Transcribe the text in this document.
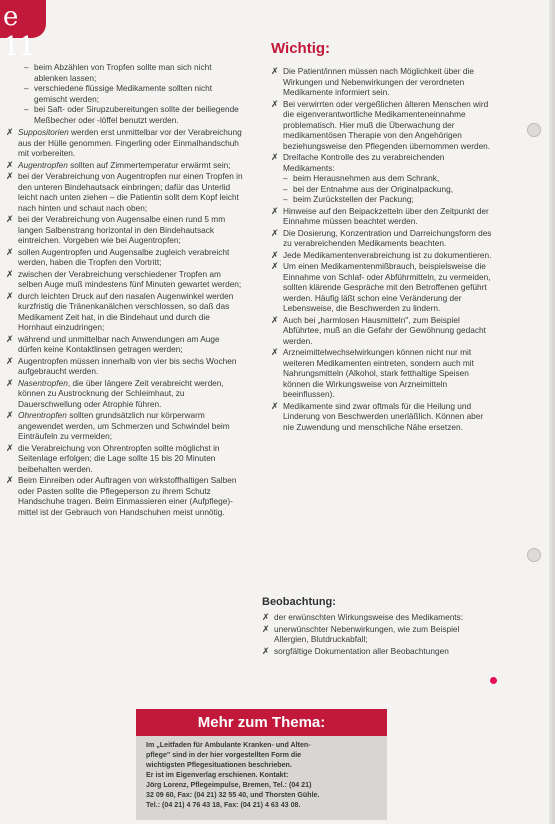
e 11
– beim Abzählen von Tropfen sollte man sich nicht ablenken lassen;
– verschiedene flüssige Medikamente sollten nicht gemischt werden;
– bei Saft- oder Sirupzubereitungen sollte der beiliegende Meßbecher oder -löffel benutzt werden.
✗ Suppositorien werden erst unmittelbar vor der Verabreichung aus der Hülle genommen. Fingerling oder Einmalhandschuh mit vorbereiten.
✗ Augentropfen sollten auf Zimmertemperatur erwärmt sein;
✗ bei der Verabreichung von Augentropfen nur einen Tropfen in den unteren Bindehautsack einbringen; dafür das Unterlid leicht nach unten ziehen – die Patientin sollt dem Kopf leicht nach hinten und schaut nach oben;
✗ bei der Verabreichung von Augensalbe einen rund 5 mm langen Salbenstrang horizontal in den Bindehautsack eintreichen. Vorgeben wie bei Augentropfen;
✗ sollen Augentropfen und Augensalbe zugleich verabreicht werden, haben die Tropfen den Vortritt;
✗ zwischen der Verabreichung verschiedener Tropfen am selben Auge muß mindestens fünf Minuten gewartet werden;
✗ durch leichten Druck auf den nasalen Augenwinkel werden kurzfristig die Tränenkanälchen verschlossen, so daß das Medikament Zeit hat, in die Bindehaut und durch die Hornhaut einzudringen;
✗ während und unmittelbar nach Anwendungen am Auge dürfen keine Kontaktlinsen getragen werden;
✗ Augentropfen müssen innerhalb von vier bis sechs Wochen aufgebraucht werden.
✗ Nasentropfen, die über längere Zeit verabreicht werden, können zu Austrocknung der Schleimhaut, zu Dauerschwellung oder Atrophie führen.
✗ Ohrentropfen sollten grundsätzlich nur körperwarm angewendet werden, um Schmerzen und Schwindel beim Einträufeln zu vermeiden;
✗ die Verabreichung von Ohrentropfen sollte möglichst in Seitenlage erfolgen; die Lage sollte 15 bis 20 Minuten beibehalten werden.
✗ Beim Einreiben oder Auftragen von wirkstoffhaltigen Salben oder Pasten sollte die Pflegeperson zu ihrem Schutz Handschuhe tragen. Beim Einmassieren einer (Aufpflege)-mittel ist der Gebrauch von Handschuhen meist unnötig.
Wichtig:
✗ Die Patient/innen müssen nach Möglichkeit über die Wirkungen und Nebenwirkungen der verordneten Medikamente informiert sein.
✗ Bei verwirrten oder vergeßlichen älteren Menschen wird die eigenverantwortliche Medikamenteneinnahme problematisch. Hier muß die Überwachung der medikamentösen Therapie von den Angehörigen beziehungsweise den Pflegenden übernommen werden.
✗ Dreifache Kontrolle des zu verabreichenden Medikaments:
– beim Herausnehmen aus dem Schrank,
– bei der Entnahme aus der Originalpackung,
– beim Zurückstellen der Packung;
✗ Hinweise auf den Beipackzetteln über den Zeitpunkt der Einnahme müssen beachtet werden.
✗ Die Dosierung, Konzentration und Darreichungsform des zu verabreichenden Medikaments beachten.
✗ Jede Medikamentenverabreichung ist zu dokumentieren.
✗ Um einen Medikamentenmißbrauch, beispielsweise die Einnahme von Schlaf- oder Abführmitteln, zu vermeiden, sollten klärende Gespräche mit den Betroffenen geführt werden. Häufig läßt schon eine Veränderung der Lebensweise, die Beschwerden zu lindern.
✗ Auch bei „harmlosen Hausmitteln", zum Beispiel Abführtee, muß an die Gefahr der Gewöhnung gedacht werden.
✗ Arzneimittelwechselwirkungen können nicht nur mit weiteren Medikamenten eintreten, sondern auch mit Nahrungsmitteln (Alkohol, stark fetthaltige Speisen können die Wirkungsweise von Arzneimitteln beeinflussen).
✗ Medikamente sind zwar oftmals für die Heilung und Linderung von Beschwerden unerläßlich. Können aber nie Zuwendung und menschliche Nähe ersetzen.
Beobachtung:
✗ der erwünschten Wirkungsweise des Medikaments:
✗ unerwünschter Nebenwirkungen, wie zum Beispiel Allergien, Blutdruckabfall;
✗ sorgfältige Dokumentation aller Beobachtungen
Mehr zum Thema:
Im „Leitfaden für Ambulante Kranken- und Alten-
pflege" sind in der hier vorgestellten Form die
wichtigsten Pflegesituationen beschrieben.
Er ist im Eigenverlag erschienen. Kontakt:
Jörg Lorenz, Pflegeimpulse, Bremen, Tel.: (04 21)
32 09 60, Fax: (04 21) 32 55 40, und Thorsten Gühle.
Tel.: (04 21) 4 76 43 18, Fax: (04 21) 4 63 43 08.
